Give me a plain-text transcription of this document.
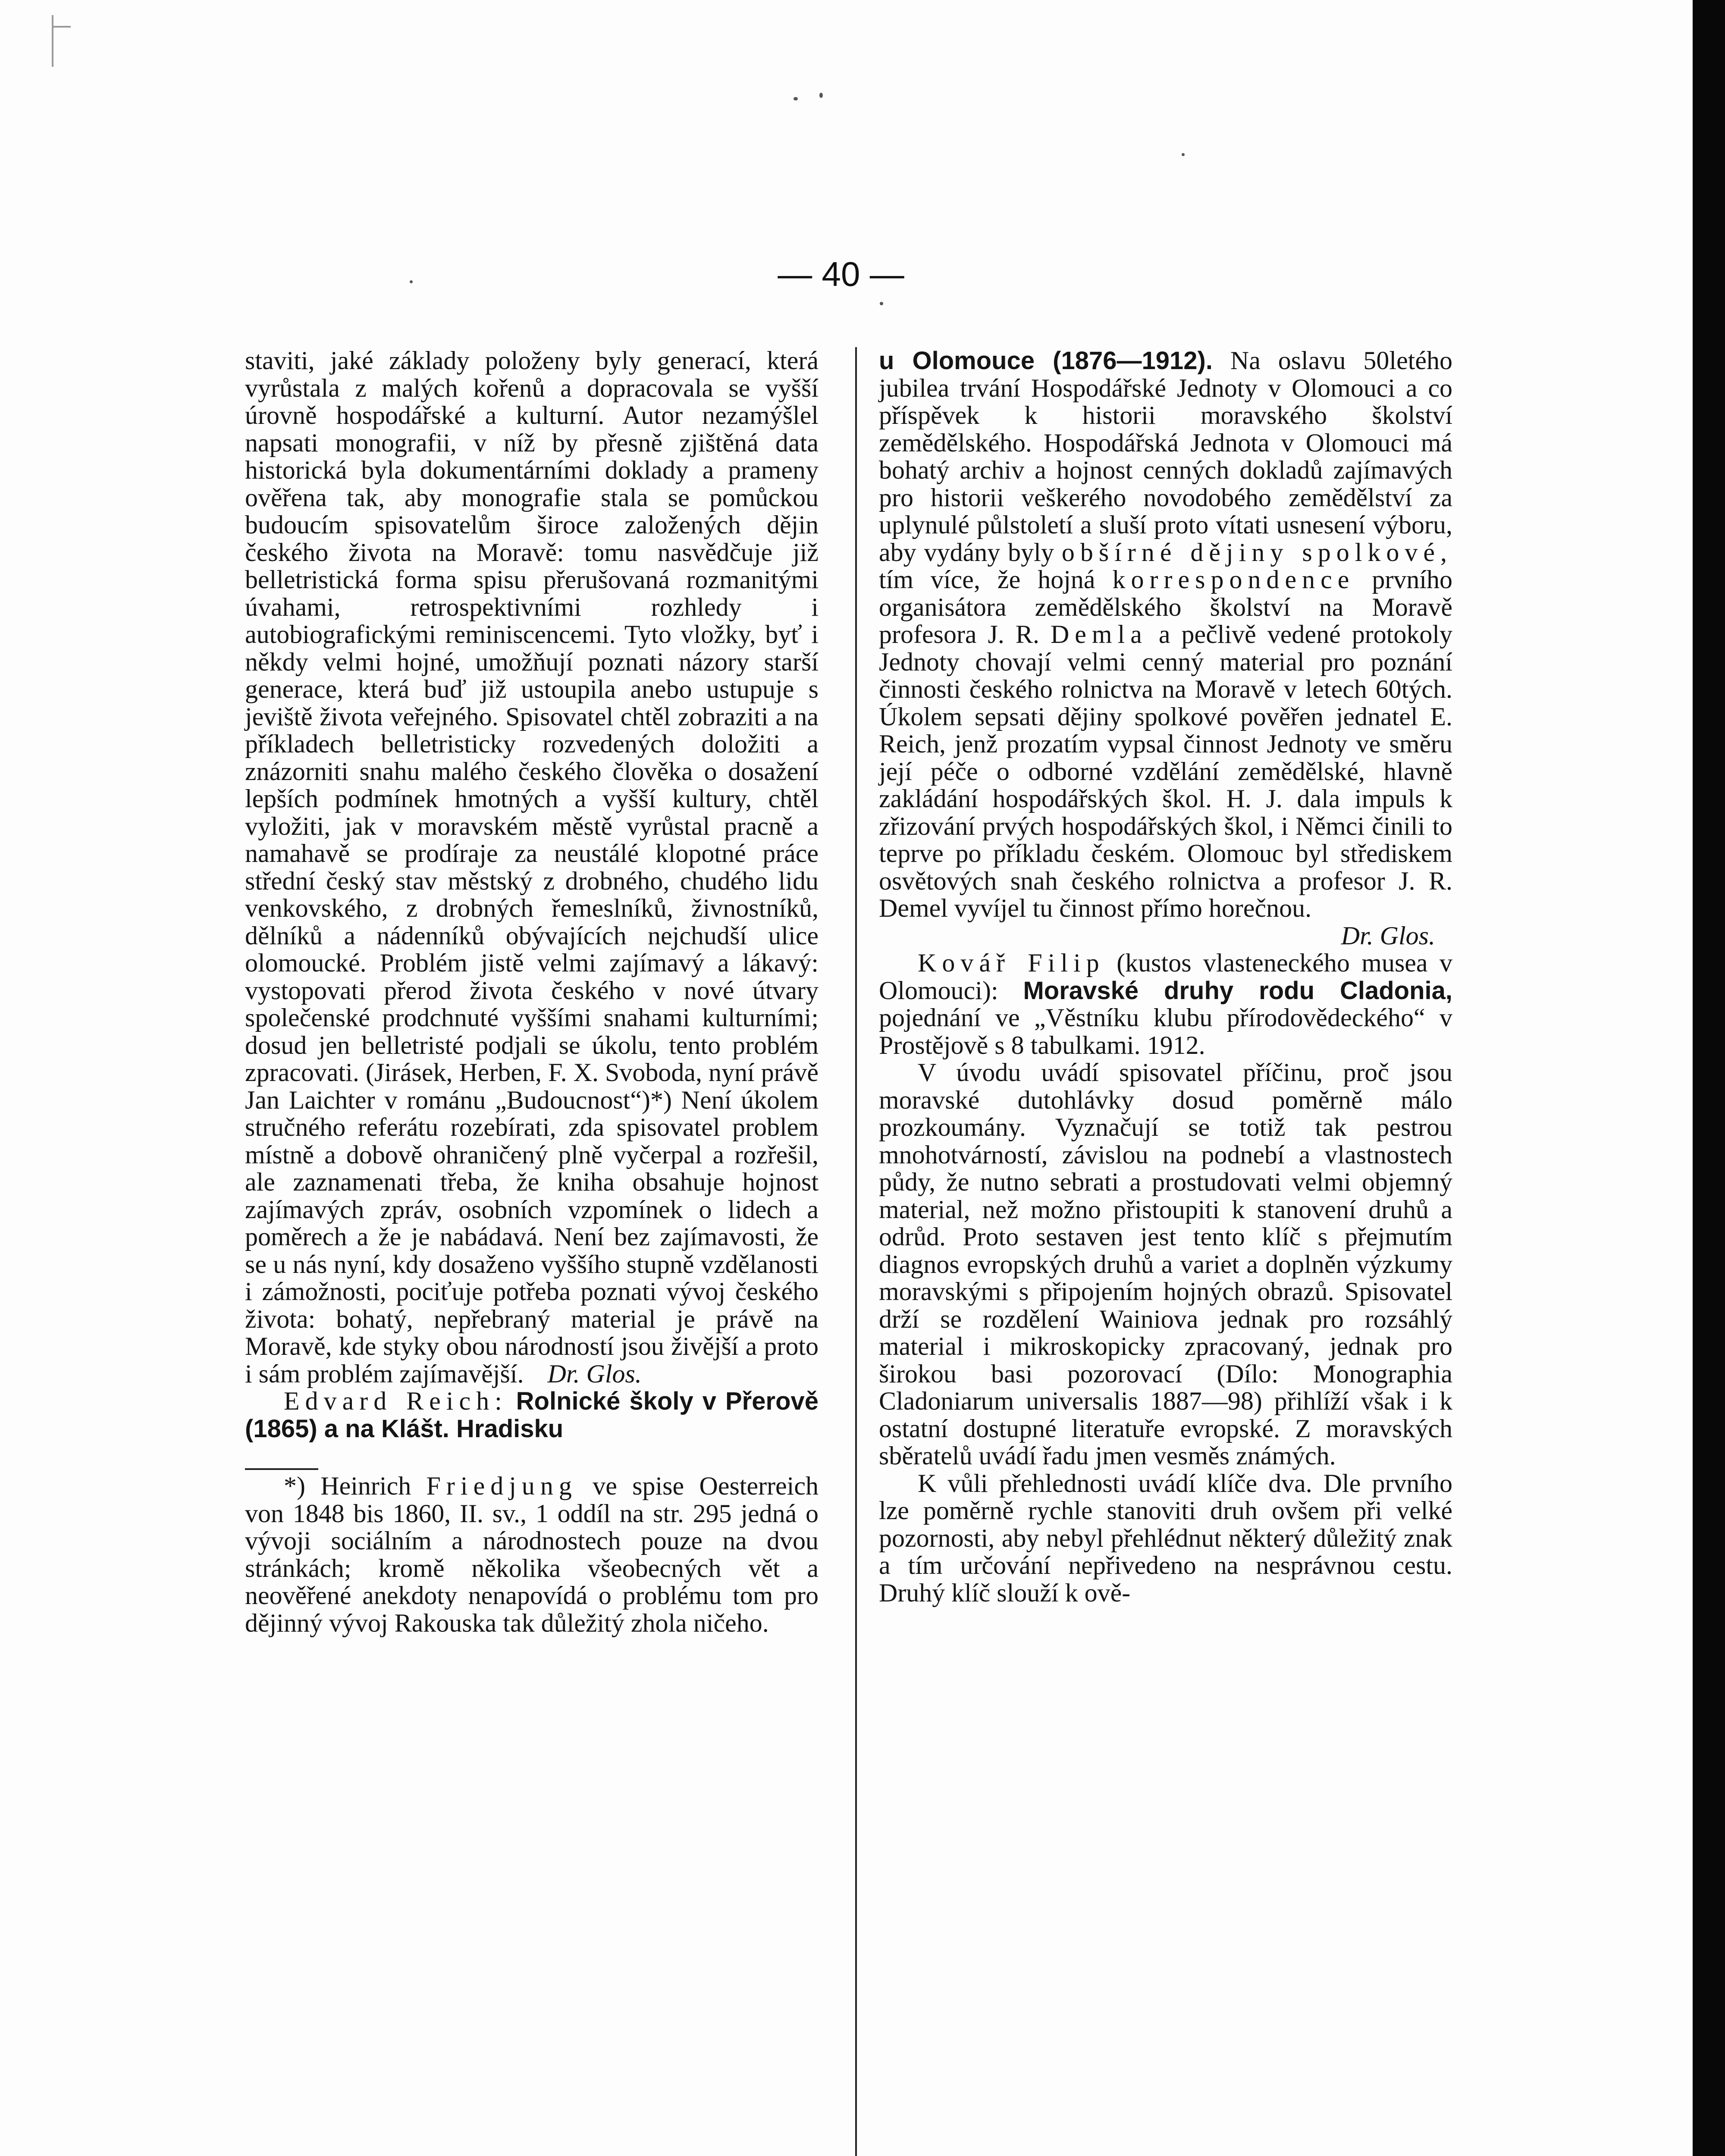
— 40 —

staviti, jaké základy položeny byly generací, která vyrůstala z malých kořenů a dopracovala se vyšší úrovně hospodářské a kulturní. Autor nezamýšlel napsati monografii, v níž by přesně zjištěná data historická byla dokumentárními doklady a prameny ověřena tak, aby monografie stala se pomůckou budoucím spisovatelům široce založených dějin českého života na Moravě: tomu nasvědčuje již belletristická forma spisu přerušovaná rozmanitými úvahami, retrospektivními rozhledy i autobiografickými reminiscencemi. Tyto vložky, byť i někdy velmi hojné, umožňují poznati názory starší generace, která buď již ustoupila anebo ustupuje s jeviště života veřejného. Spisovatel chtěl zobraziti a na příkladech belletristicky rozvedených doložiti a znázorniti snahu malého českého člověka o dosažení lepších podmínek hmotných a vyšší kultury, chtěl vyložiti, jak v moravském městě vyrůstal pracně a namahavě se prodíraje za neustálé klopotné práce střední český stav městský z drobného, chudého lidu venkovského, z drobných řemeslníků, živnostníků, dělníků a nádenníků obývajících nejchudší ulice olomoucké. Problém jistě velmi zajímavý a lákavý: vystopovati přerod života českého v nové útvary společenské prodchnuté vyššími snahami kulturními; dosud jen belletristé podjali se úkolu, tento problém zpracovati. (Jirásek, Herben, F. X. Svoboda, nyní právě Jan Laichter v románu „Budoucnost“)*) Není úkolem stručného referátu rozebírati, zda spisovatel problem místně a dobově ohraničený plně vyčerpal a rozřešil, ale zaznamenati třeba, že kniha obsahuje hojnost zajímavých zpráv, osobních vzpomínek o lidech a poměrech a že je nabádavá. Není bez zajímavosti, že se u nás nyní, kdy dosaženo vyššího stupně vzdělanosti i zámožnosti, pociťuje potřeba poznati vývoj českého života: bohatý, nepřebraný material je právě na Moravě, kde styky obou národností jsou živější a proto i sám problém zajímavější. Dr. Glos.

Edvard Reich: Rolnické školy v Přerově (1865) a na Klášt. Hradisku

*) Heinrich Friedjung ve spise Oesterreich von 1848 bis 1860, II. sv., 1 oddíl na str. 295 jedná o vývoji sociálním a národnostech pouze na dvou stránkách; kromě několika všeobecných vět a neověřené anekdoty nenapovídá o problému tom pro dějinný vývoj Rakouska tak důležitý zhola ničeho.

u Olomouce (1876—1912). Na oslavu 50letého jubilea trvání Hospodářské Jednoty v Olomouci a co příspěvek k historii moravského školství zemědělského. Hospodářská Jednota v Olomouci má bohatý archiv a hojnost cenných dokladů zajímavých pro historii veškerého novodobého zemědělství za uplynulé půlstoletí a sluší proto vítati usnesení výboru, aby vydány byly obšírné dějiny spolkové, tím více, že hojná korrespondence prvního organisátora zemědělského školství na Moravě profesora J. R. Demla a pečlivě vedené protokoly Jednoty chovají velmi cenný material pro poznání činnosti českého rolnictva na Moravě v letech 60tých. Úkolem sepsati dějiny spolkové pověřen jednatel E. Reich, jenž prozatím vypsal činnost Jednoty ve směru její péče o odborné vzdělání zemědělské, hlavně zakládání hospodářských škol. H. J. dala impuls k zřizování prvých hospodářských škol, i Němci činili to teprve po příkladu českém. Olomouc byl střediskem osvětových snah českého rolnictva a profesor J. R. Demel vyvíjel tu činnost přímo horečnou.

Dr. Glos.

Kovář Filip (kustos vlasteneckého musea v Olomouci): Moravské druhy rodu Cladonia, pojednání ve „Věstníku klubu přírodovědeckého“ v Prostějově s 8 tabulkami. 1912.

V úvodu uvádí spisovatel příčinu, proč jsou moravské dutohlávky dosud poměrně málo prozkoumány. Vyznačují se totiž tak pestrou mnohotvárností, závislou na podnebí a vlastnostech půdy, že nutno sebrati a prostudovati velmi objemný material, než možno přistoupiti k stanovení druhů a odrůd. Proto sestaven jest tento klíč s přejmutím diagnos evropských druhů a variet a doplněn výzkumy moravskými s připojením hojných obrazů. Spisovatel drží se rozdělení Wainiova jednak pro rozsáhlý material i mikroskopicky zpracovaný, jednak pro širokou basi pozorovací (Dílo: Monographia Cladoniarum universalis 1887—98) přihlíží však i k ostatní dostupné literatuře evropské. Z moravských sběratelů uvádí řadu jmen vesměs známých.

K vůli přehlednosti uvádí klíče dva. Dle prvního lze poměrně rychle stanoviti druh ovšem při velké pozornosti, aby nebyl přehlédnut některý důležitý znak a tím určování nepřivedeno na nesprávnou cestu. Druhý klíč slouží k ově-
